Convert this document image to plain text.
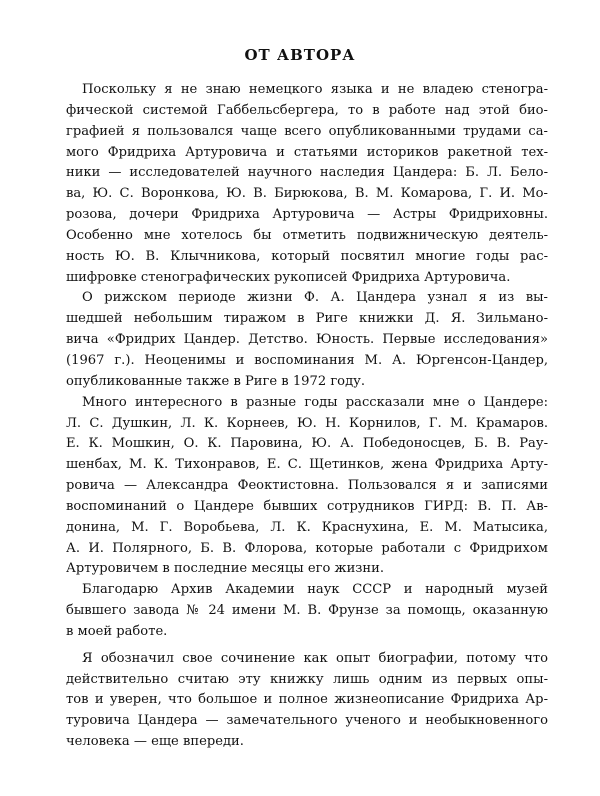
ОТ АВТОРА
Поскольку я не знаю немецкого языка и не владею стеногра-
фической системой Габбельсбергера, то в работе над этой био-
графией я пользовался чаще всего опубликованными трудами са-
мого Фридриха Артуровича и статьями историков ракетной тех-
ники — исследователей научного наследия Цандера: Б. Л. Бело-
ва, Ю. С. Воронкова, Ю. В. Бирюкова, В. М. Комарова, Г. И. Мо-
розова, дочери Фридриха Артуровича — Астры Фридриховны.
Особенно мне хотелось бы отметить подвижническую деятель-
ность Ю. В. Клычникова, который посвятил многие годы рас-
шифровке стенографических рукописей Фридриха Артуровича.
О рижском периоде жизни Ф. А. Цандера узнал я из вы-
шедшей небольшим тиражом в Риге книжки Д. Я. Зильмано-
вича «Фридрих Цандер. Детство. Юность. Первые исследования»
(1967 г.). Неоценимы и воспоминания М. А. Юргенсон-Цандер,
опубликованные также в Риге в 1972 году.
Много интересного в разные годы рассказали мне о Цандере:
Л. С. Душкин, Л. К. Корнеев, Ю. Н. Корнилов, Г. М. Крамаров.
Е. К. Мошкин, О. К. Паровина, Ю. А. Победоносцев, Б. В. Рау-
шенбах, М. К. Тихонравов, Е. С. Щетинков, жена Фридриха Арту-
ровича — Александра Феоктистовна. Пользовался я и записями
воспоминаний о Цандере бывших сотрудников ГИРД: В. П. Ав-
донина, М. Г. Воробьева, Л. К. Краснухина, Е. М. Матысика,
А. И. Полярного, Б. В. Флорова, которые работали с Фридрихом
Артуровичем в последние месяцы его жизни.
Благодарю Архив Академии наук СССР и народный музей
бывшего завода № 24 имени М. В. Фрунзе за помощь, оказанную
в моей работе.
Я обозначил свое сочинение как опыт биографии, потому что
действительно считаю эту книжку лишь одним из первых опы-
тов и уверен, что большое и полное жизнеописание Фридриха Ар-
туровича Цандера — замечательного ученого и необыкновенного
человека — еще впереди.
